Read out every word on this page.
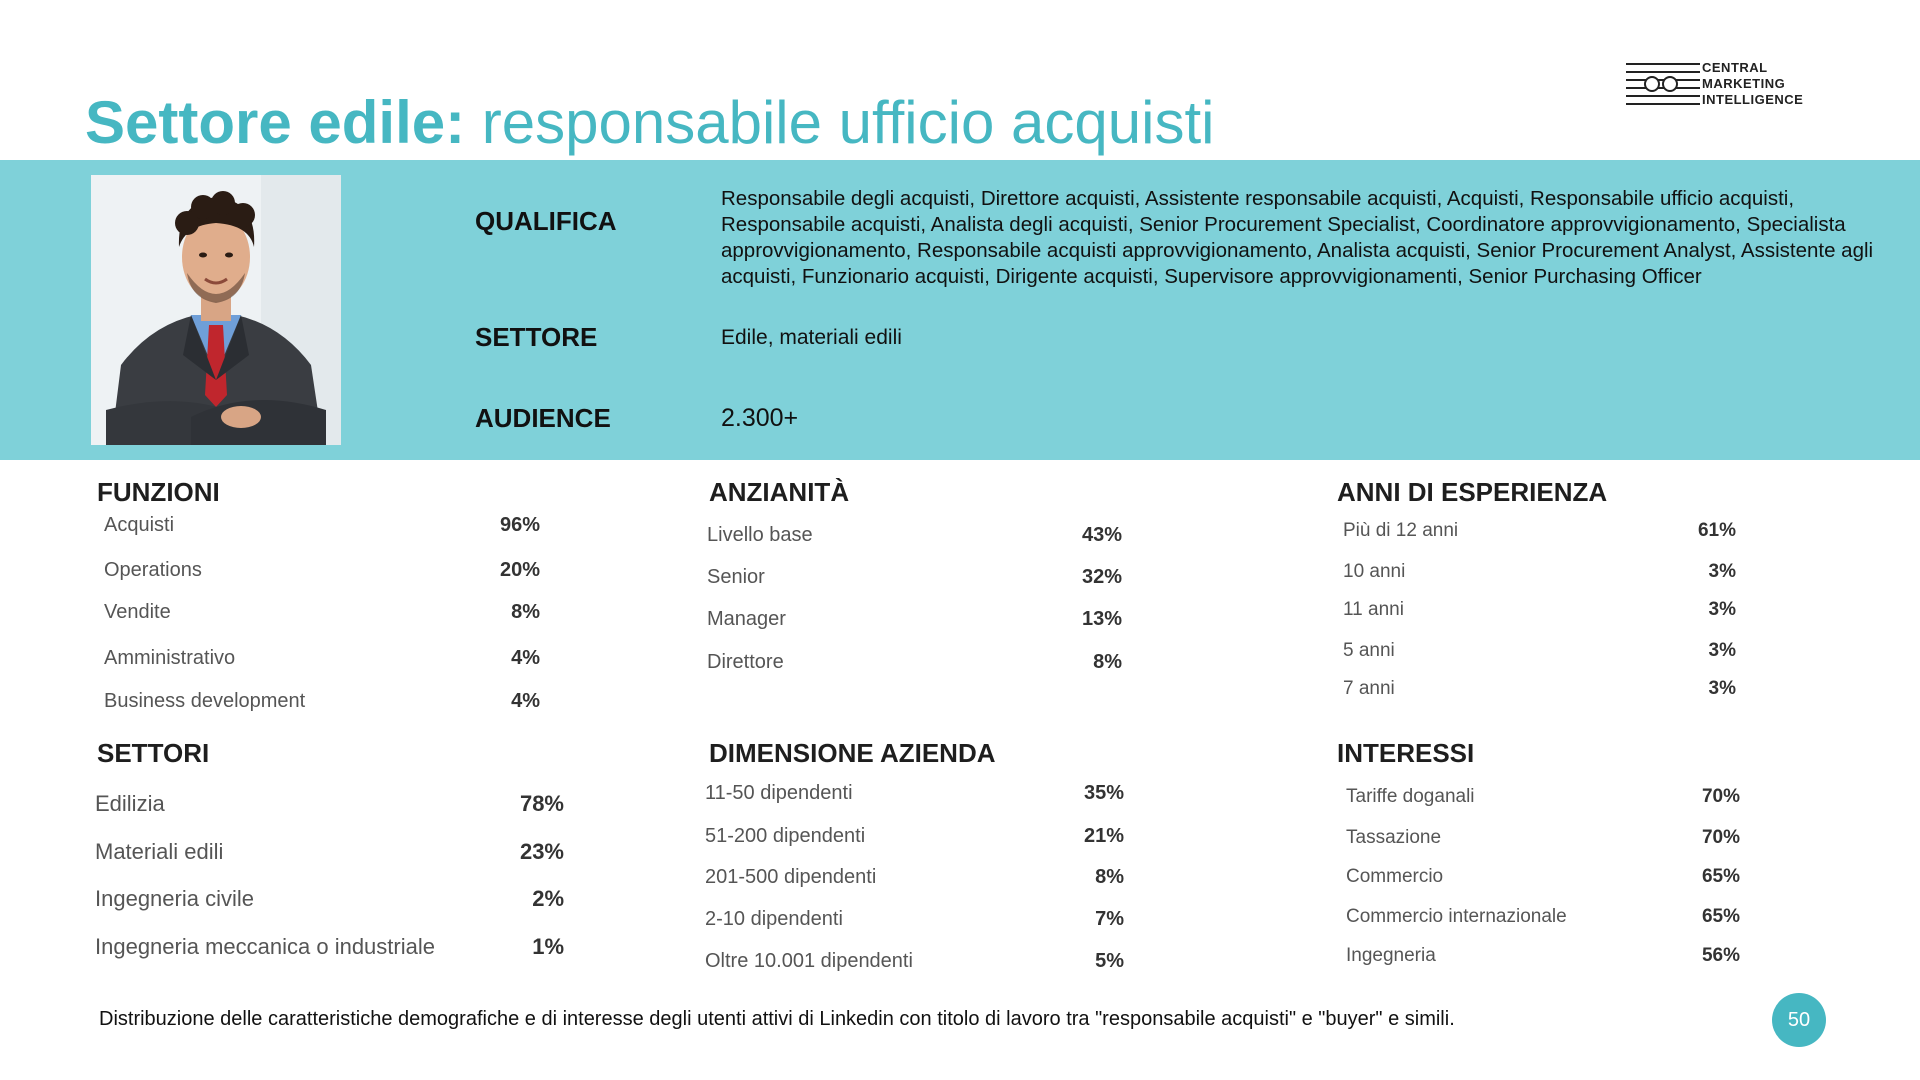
Settore edile: responsabile ufficio acquisti
CENTRAL
MARKETING
INTELLIGENCE
QUALIFICA
Responsabile degli acquisti, Direttore acquisti, Assistente responsabile acquisti, Acquisti, Responsabile ufficio acquisti, Responsabile acquisti, Analista degli acquisti, Senior Procurement Specialist, Coordinatore approvvigionamento, Specialista approvvigionamento, Responsabile acquisti approvvigionamento, Analista acquisti, Senior Procurement Analyst, Assistente agli acquisti, Funzionario acquisti, Dirigente acquisti, Supervisore approvvigionamenti, Senior Purchasing Officer
SETTORE	Edile, materiali edili
AUDIENCE	2.300+
FUNZIONI
Acquisti	96%
Operations	20%
Vendite	8%
Amministrativo	4%
Business development	4%
ANZIANITÀ
Livello base	43%
Senior	32%
Manager	13%
Direttore	8%
ANNI DI ESPERIENZA
Più di 12 anni	61%
10 anni	3%
11 anni	3%
5 anni	3%
7 anni	3%
SETTORI
Edilizia	78%
Materiali edili	23%
Ingegneria civile	2%
Ingegneria meccanica o industriale	1%
DIMENSIONE AZIENDA
11-50 dipendenti	35%
51-200 dipendenti	21%
201-500 dipendenti	8%
2-10 dipendenti	7%
Oltre 10.001 dipendenti	5%
INTERESSI
Tariffe doganali	70%
Tassazione	70%
Commercio	65%
Commercio internazionale	65%
Ingegneria	56%
Distribuzione delle caratteristiche demografiche e di interesse degli utenti attivi di Linkedin con titolo di lavoro tra "responsabile acquisti" e "buyer" e simili.	50
